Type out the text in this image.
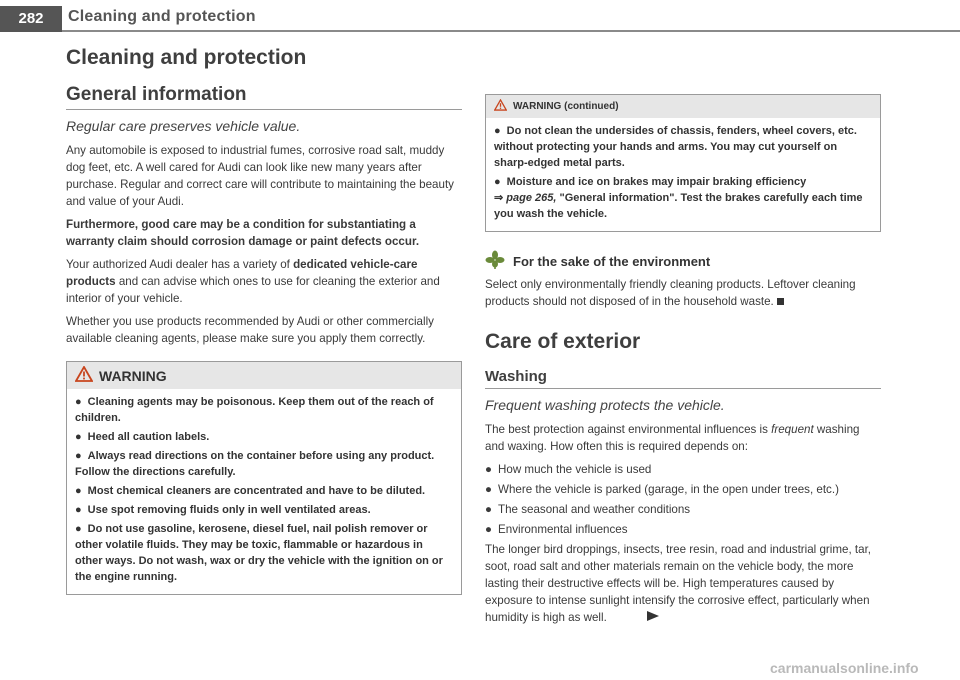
282	Cleaning and protection
Cleaning and protection
General information
Regular care preserves vehicle value.

Any automobile is exposed to industrial fumes, corrosive road salt, muddy dog feet, etc. A well cared for Audi can look like new many years after purchase. Regular and correct care will contribute to maintaining the beauty and value of your Audi.

Furthermore, good care may be a condition for substantiating a warranty claim should corrosion damage or paint defects occur.

Your authorized Audi dealer has a variety of dedicated vehicle-care products and can advise which ones to use for cleaning the exterior and interior of your vehicle.

Whether you use products recommended by Audi or other commercially available cleaning agents, please make sure you apply them correctly.

WARNING
● Cleaning agents may be poisonous. Keep them out of the reach of children.
● Heed all caution labels.
● Always read directions on the container before using any product. Follow the directions carefully.
● Most chemical cleaners are concentrated and have to be diluted.
● Use spot removing fluids only in well ventilated areas.
● Do not use gasoline, kerosene, diesel fuel, nail polish remover or other volatile fluids. They may be toxic, flammable or hazardous in other ways. Do not wash, wax or dry the vehicle with the ignition on or the engine running.
WARNING (continued)
● Do not clean the undersides of chassis, fenders, wheel covers, etc. without protecting your hands and arms. You may cut yourself on sharp-edged metal parts.
● Moisture and ice on brakes may impair braking efficiency
⇒ page 265, "General information". Test the brakes carefully each time you wash the vehicle.
For the sake of the environment

Select only environmentally friendly cleaning products. Leftover cleaning products should not disposed of in the household waste.

Care of exterior
Washing
Frequent washing protects the vehicle.

The best protection against environmental influences is frequent washing and waxing. How often this is required depends on:

● How much the vehicle is used
● Where the vehicle is parked (garage, in the open under trees, etc.)
● The seasonal and weather conditions
● Environmental influences

The longer bird droppings, insects, tree resin, road and industrial grime, tar, soot, road salt and other materials remain on the vehicle body, the more lasting their destructive effects will be. High temperatures caused by exposure to intense sunlight intensify the corrosive effect, particularly when humidity is high as well.

carmanualsonline.info
